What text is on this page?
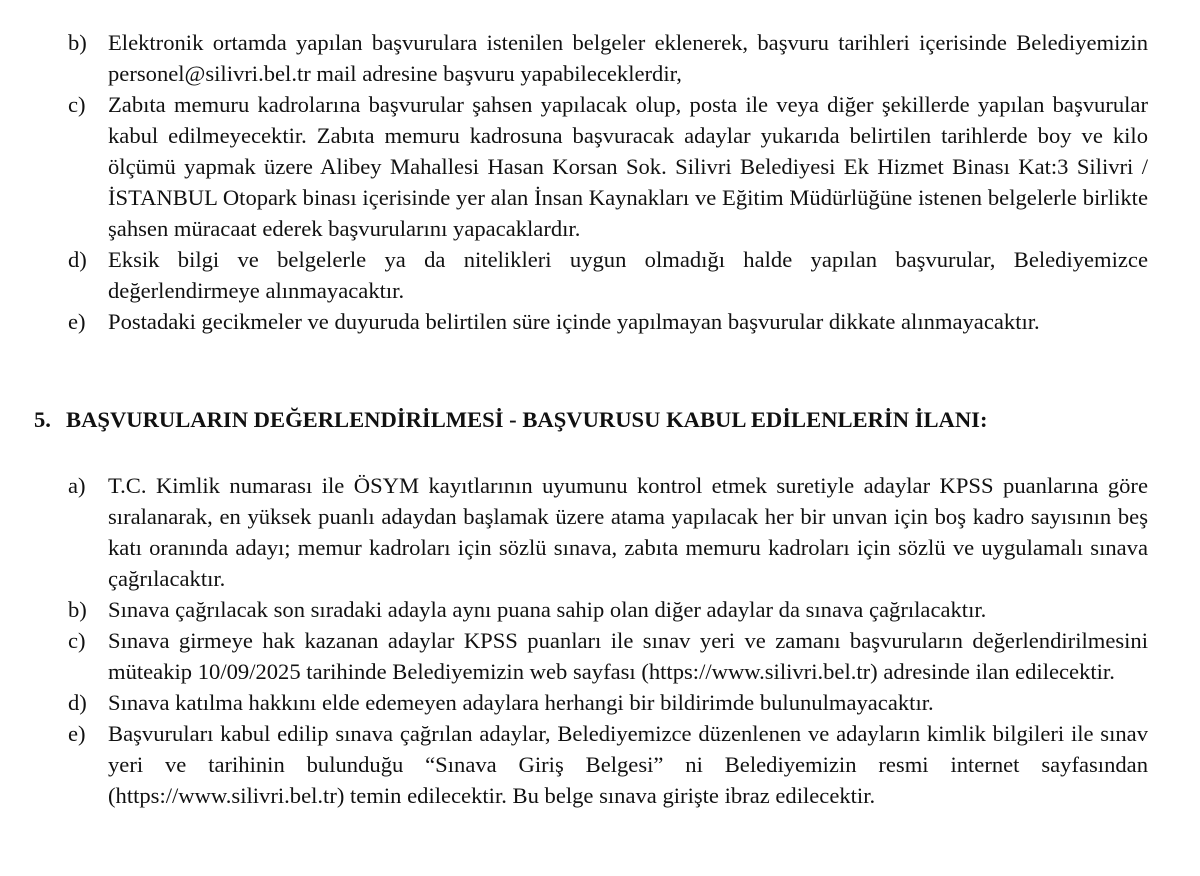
b) Elektronik ortamda yapılan başvurulara istenilen belgeler eklenerek, başvuru tarihleri içerisinde Belediyemizin personel@silivri.bel.tr mail adresine başvuru yapabileceklerdir,
c) Zabıta memuru kadrolarına başvurular şahsen yapılacak olup, posta ile veya diğer şekillerde yapılan başvurular kabul edilmeyecektir. Zabıta memuru kadrosuna başvuracak adaylar yukarıda belirtilen tarihlerde boy ve kilo ölçümü yapmak üzere Alibey Mahallesi Hasan Korsan Sok. Silivri Belediyesi Ek Hizmet Binası Kat:3 Silivri / İSTANBUL Otopark binası içerisinde yer alan İnsan Kaynakları ve Eğitim Müdürlüğüne istenen belgelerle birlikte şahsen müracaat ederek başvurularını yapacaklardır.
d) Eksik bilgi ve belgelerle ya da nitelikleri uygun olmadığı halde yapılan başvurular, Belediyemizce değerlendirmeye alınmayacaktır.
e) Postadaki gecikmeler ve duyuruda belirtilen süre içinde yapılmayan başvurular dikkate alınmayacaktır.
5. BAŞVURULARIN DEĞERLENDİRİLMESİ - BAŞVURUSU KABUL EDİLENLERİN İLANI:
a) T.C. Kimlik numarası ile ÖSYM kayıtlarının uyumunu kontrol etmek suretiyle adaylar KPSS puanlarına göre sıralanarak, en yüksek puanlı adaydan başlamak üzere atama yapılacak her bir unvan için boş kadro sayısının beş katı oranında adayı; memur kadroları için sözlü sınava, zabıta memuru kadroları için sözlü ve uygulamalı sınava çağrılacaktır.
b) Sınava çağrılacak son sıradaki adayla aynı puana sahip olan diğer adaylar da sınava çağrılacaktır.
c) Sınava girmeye hak kazanan adaylar KPSS puanları ile sınav yeri ve zamanı başvuruların değerlendirilmesini müteakip 10/09/2025 tarihinde Belediyemizin web sayfası (https://www.silivri.bel.tr) adresinde ilan edilecektir.
d) Sınava katılma hakkını elde edemeyen adaylara herhangi bir bildirimde bulunulmayacaktır.
e) Başvuruları kabul edilip sınava çağrılan adaylar, Belediyemizce düzenlenen ve adayların kimlik bilgileri ile sınav yeri ve tarihinin bulunduğu “Sınava Giriş Belgesi” ni Belediyemizin resmi internet sayfasından (https://www.silivri.bel.tr) temin edilecektir. Bu belge sınava girişte ibraz edilecektir.
